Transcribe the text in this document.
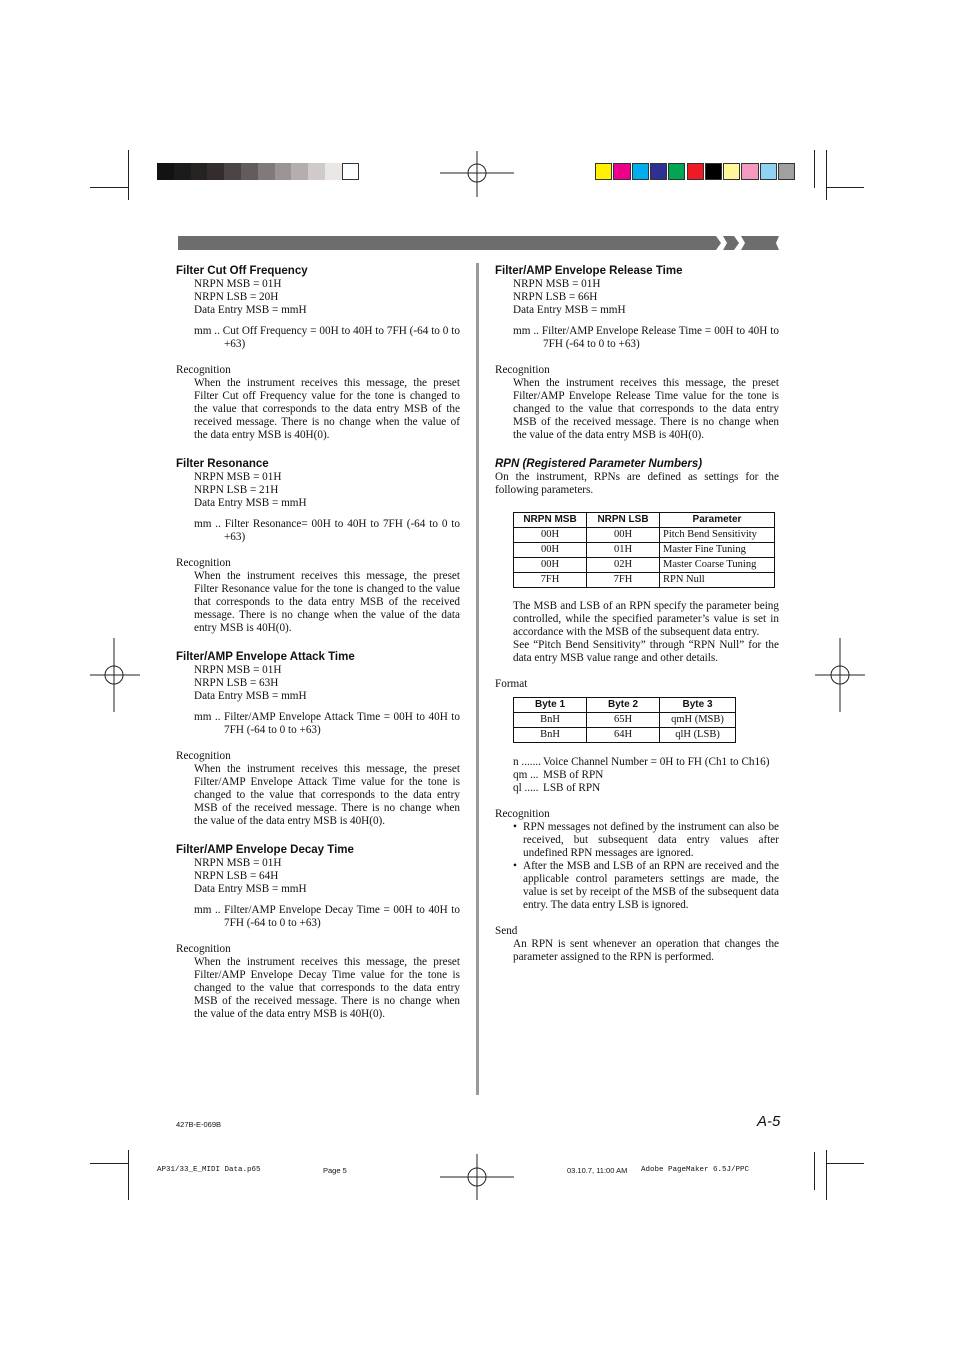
Filter Cut Off Frequency

NRPN MSB = 01H

NRPN LSB = 20H

Data Entry MSB = mmH

mm .. Cut Off Frequency = 00H to 40H to 7FH (-64 to 0 to +63)

Recognition

When the instrument receives this message, the preset Filter Cut off Frequency value for the tone is changed to the value that corresponds to the data entry MSB of the received message. There is no change when the value of the data entry MSB is 40H(0).

Filter Resonance

NRPN MSB = 01H

NRPN LSB = 21H

Data Entry MSB = mmH

mm .. Filter Resonance= 00H to 40H to 7FH (-64 to 0 to +63)

Recognition

When the instrument receives this message, the preset Filter Resonance value for the tone is changed to the value that corresponds to the data entry MSB of the received message. There is no change when the value of the data entry MSB is 40H(0).

Filter/AMP Envelope Attack Time

NRPN MSB = 01H

NRPN LSB = 63H

Data Entry MSB = mmH

mm .. Filter/AMP Envelope Attack Time = 00H to 40H to 7FH (-64 to 0 to +63)

Recognition

When the instrument receives this message, the preset Filter/AMP Envelope Attack Time value for the tone is changed to the value that corresponds to the data entry MSB of the received message. There is no change when the value of the data entry MSB is 40H(0).

Filter/AMP Envelope Decay Time

NRPN MSB = 01H

NRPN LSB = 64H

Data Entry MSB = mmH

mm .. Filter/AMP Envelope Decay Time = 00H to 40H to 7FH (-64 to 0 to +63)

Recognition

When the instrument receives this message, the preset Filter/AMP Envelope Decay Time value for the tone is changed to the value that corresponds to the data entry MSB of the received message. There is no change when the value of the data entry MSB is 40H(0).

Filter/AMP Envelope Release Time

NRPN MSB = 01H

NRPN LSB = 66H

Data Entry MSB = mmH

mm .. Filter/AMP Envelope Release Time = 00H to 40H to 7FH (-64 to 0 to +63)

Recognition

When the instrument receives this message, the preset Filter/AMP Envelope Release Time value for the tone is changed to the value that corresponds to the data entry MSB of the received message. There is no change when the value of the data entry MSB is 40H(0).

RPN (Registered Parameter Numbers)

On the instrument, RPNs are defined as settings for the following parameters.

NRPN MSB	NRPN LSB	Parameter
00H	00H	Pitch Bend Sensitivity
00H	01H	Master Fine Tuning
00H	02H	Master Coarse Tuning
7FH	7FH	RPN Null

The MSB and LSB of an RPN specify the parameter being controlled, while the specified parameter’s value is set in accordance with the MSB of the subsequent data entry.

See “Pitch Bend Sensitivity” through “RPN Null” for the data entry MSB value range and other details.

Format

Byte 1	Byte 2	Byte 3
BnH	65H	qmH (MSB)
BnH	64H	qlH (LSB)
n ....... Voice Channel Number = 0H to FH (Ch1 to Ch16)
qm ... MSB of RPN
ql ..... LSB of RPN

Recognition

• RPN messages not defined by the instrument can also be received, but subsequent data entry values after undefined RPN messages are ignored.
• After the MSB and LSB of an RPN are received and the applicable control parameters settings are made, the value is set by receipt of the MSB of the subsequent data entry. The data entry LSB is ignored.

Send

An RPN is sent whenever an operation that changes the parameter assigned to the RPN is performed.

427B-E-069B	A-5
AP31/33_E_MIDI Data.p65	Page 5	03.10.7, 11:00 AM Adobe PageMaker 6.5J/PPC
